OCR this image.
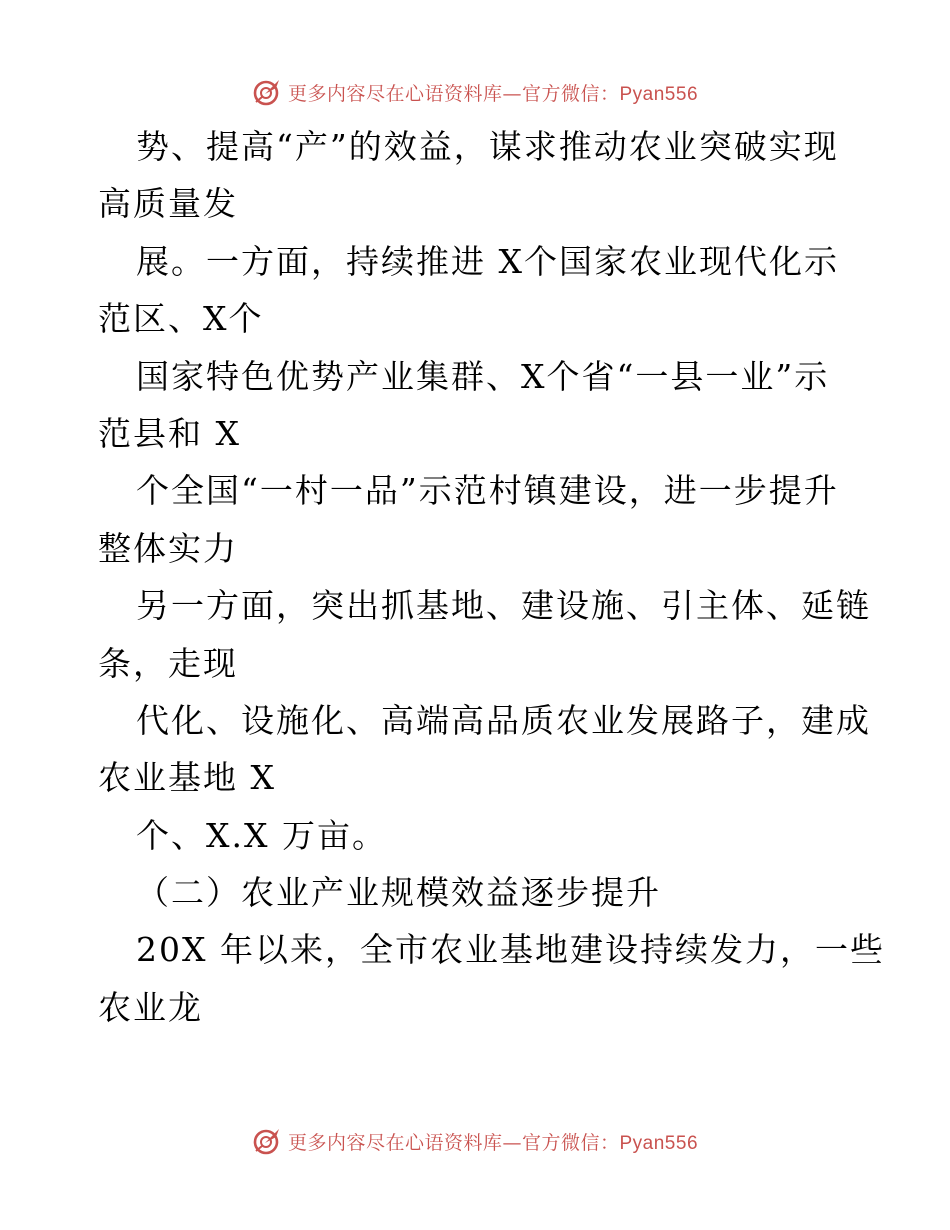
更多内容尽在心语资料库—官方微信：Pyan556
势、提高“产”的效益，谋求推动农业突破实现
高质量发
展。一方面，持续推进 X个国家农业现代化示
范区、X个
国家特色优势产业集群、X个省“一县一业”示
范县和 X
个全国“一村一品”示范村镇建设，进一步提升
整体实力
另一方面，突出抓基地、建设施、引主体、延链
条，走现
代化、设施化、高端高品质农业发展路子，建成
农业基地 X
个、X.X 万亩。
（二）农业产业规模效益逐步提升
20X 年以来，全市农业基地建设持续发力，一些
农业龙
更多内容尽在心语资料库—官方微信：Pyan556
